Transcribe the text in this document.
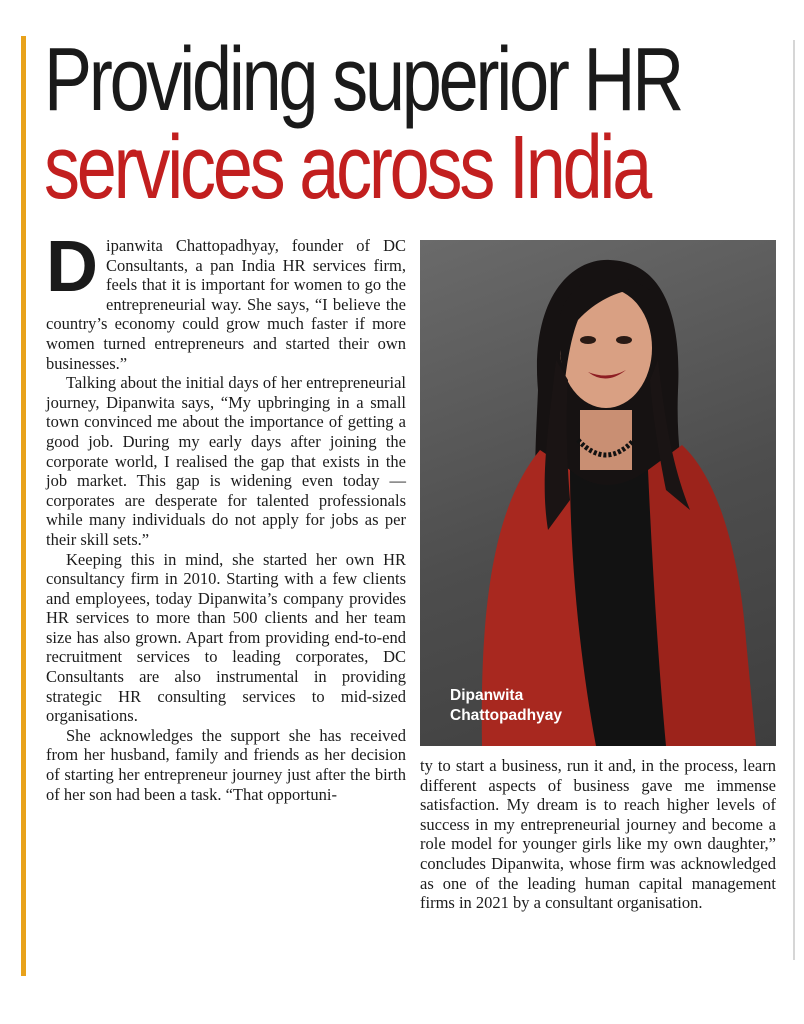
Providing superior HR
services across India

Dipanwita Chattopadhyay, founder of DC Consultants, a pan India HR services firm, feels that it is important for women to go the entrepreneurial way. She says, “I believe the country’s economy could grow much faster if more women turned entrepreneurs and started their own businesses.”

Talking about the initial days of her entrepreneurial journey, Dipanwita says, “My upbringing in a small town convinced me about the importance of getting a good job. During my early days after joining the corporate world, I realised the gap that exists in the job market. This gap is widening even today — corporates are desperate for talented professionals while many individuals do not apply for jobs as per their skill sets.”

Keeping this in mind, she started her own HR consultancy firm in 2010. Starting with a few clients and employees, today Dipanwita’s company provides HR services to more than 500 clients and her team size has also grown. Apart from providing end-to-end recruitment services to leading corporates, DC Consultants are also instrumental in providing strategic HR consulting services to mid-sized organisations.

She acknowledges the support she has received from her husband, family and friends as her decision of starting her entrepreneur journey just after the birth of her son had been a task. “That opportuni-

Dipanwita
Chattopadhyay

ty to start a business, run it and, in the process, learn different aspects of business gave me immense satisfaction. My dream is to reach higher levels of success in my entrepreneurial journey and become a role model for younger girls like my own daughter,” concludes Dipanwita, whose firm was acknowledged as one of the leading human capital management firms in 2021 by a consultant organisation.
